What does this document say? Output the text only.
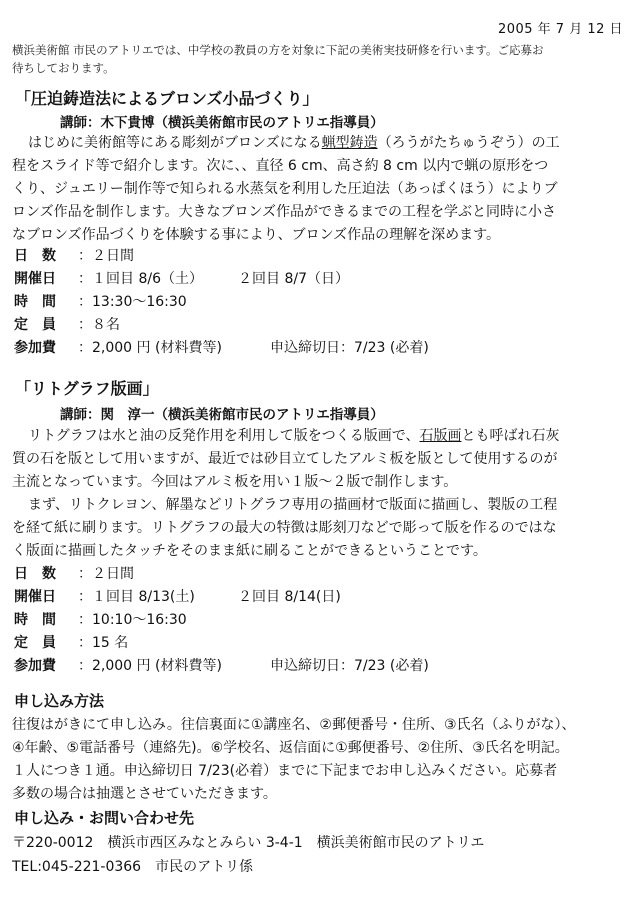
2005 年 7 月 12 日
横浜美術館 市民のアトリエでは、中学校の教員の方を対象に下記の美術実技研修を行います。ご応募お
待ちしております。
「圧迫鋳造法によるブロンズ小品づくり」
講師：木下貴博（横浜美術館市民のアトリエ指導員）
はじめに美術館等にある彫刻がブロンズになる蝋型鋳造（ろうがたちゅうぞう）の工
程をスライド等で紹介します。次に、、直径 6 cm、高さ約 8 cm 以内で蝋の原形をつ
くり、ジュエリー制作等で知られる水蒸気を利用した圧迫法（あっぱくほう）によりブ
ロンズ作品を制作します。大きなブロンズ作品ができるまでの工程を学ぶと同時に小さ
なブロンズ作品づくりを体験する事により、ブロンズ作品の理解を深めます。
日　数 ：２日間
開催日 ：１回目 8/6（土）	２回目 8/7（日）
時　間 ：13:30～16:30
定　員 ：８名
参加費 ：2,000 円 (材料費等)	申込締切日：7/23 (必着)
「リトグラフ版画」
講師：関　淳一（横浜美術館市民のアトリエ指導員）
リトグラフは水と油の反発作用を利用して版をつくる版画で、石版画とも呼ばれ石灰
質の石を版として用いますが、最近では砂目立てしたアルミ板を版として使用するのが
主流となっています。今回はアルミ板を用い１版～２版で制作します。
まず、リトクレヨン、解墨などリトグラフ専用の描画材で版面に描画し、製版の工程
を経て紙に刷ります。リトグラフの最大の特徴は彫刻刀などで彫って版を作るのではな
く版面に描画したタッチをそのまま紙に刷ることができるということです。
日　数 ：２日間
開催日 ：１回目 8/13(土)	２回目 8/14(日)
時　間 ：10:10～16:30
定　員 ：15 名
参加費 ：2,000 円 (材料費等)	申込締切日：7/23 (必着)
申し込み方法
往復はがきにて申し込み。往信裏面に①講座名、②郵便番号・住所、③氏名（ふりがな）、
④年齢、⑤電話番号（連絡先)。⑥学校名、返信面に①郵便番号、②住所、③氏名を明記。
１人につき１通。申込締切日 7/23(必着）までに下記までお申し込みください。応募者
多数の場合は抽選とさせていただきます。
申し込み・お問い合わせ先
〒220-0012　横浜市西区みなとみらい 3-4-1　横浜美術館市民のアトリエ
TEL:045-221-0366　市民のアトリ係
